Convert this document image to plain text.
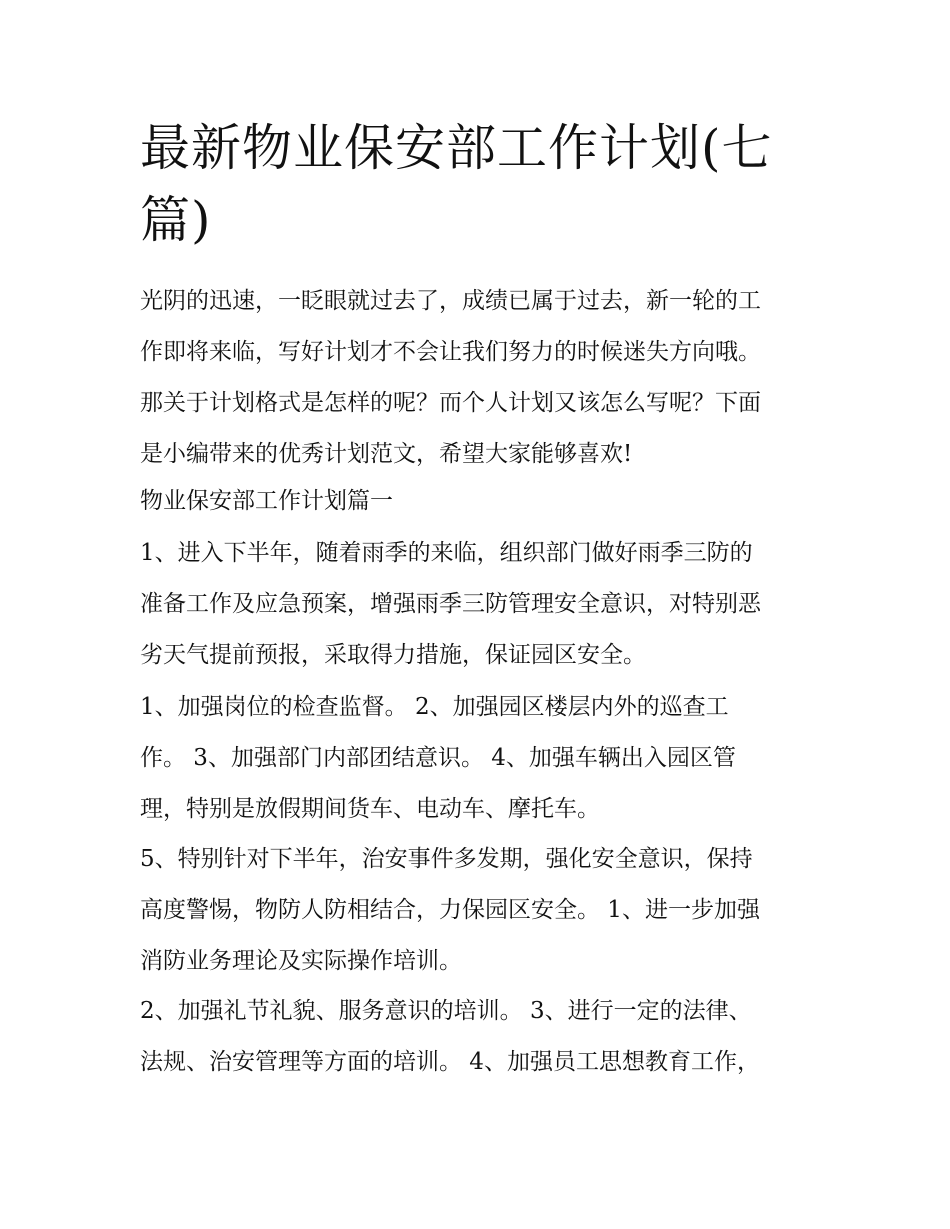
最新物业保安部工作计划(七
篇)
光阴的迅速，一眨眼就过去了，成绩已属于过去，新一轮的工
作即将来临，写好计划才不会让我们努力的时候迷失方向哦。
那关于计划格式是怎样的呢？而个人计划又该怎么写呢？下面
是小编带来的优秀计划范文，希望大家能够喜欢!
物业保安部工作计划篇一
1、进入下半年，随着雨季的来临，组织部门做好雨季三防的
准备工作及应急预案，增强雨季三防管理安全意识，对特别恶
劣天气提前预报，采取得力措施，保证园区安全。
1、加强岗位的检查监督。 2、加强园区楼层内外的巡查工
作。 3、加强部门内部团结意识。 4、加强车辆出入园区管
理，特别是放假期间货车、电动车、摩托车。
5、特别针对下半年，治安事件多发期，强化安全意识，保持
高度警惕，物防人防相结合，力保园区安全。 1、进一步加强
消防业务理论及实际操作培训。
2、加强礼节礼貌、服务意识的培训。 3、进行一定的法律、
法规、治安管理等方面的培训。 4、加强员工思想教育工作，
